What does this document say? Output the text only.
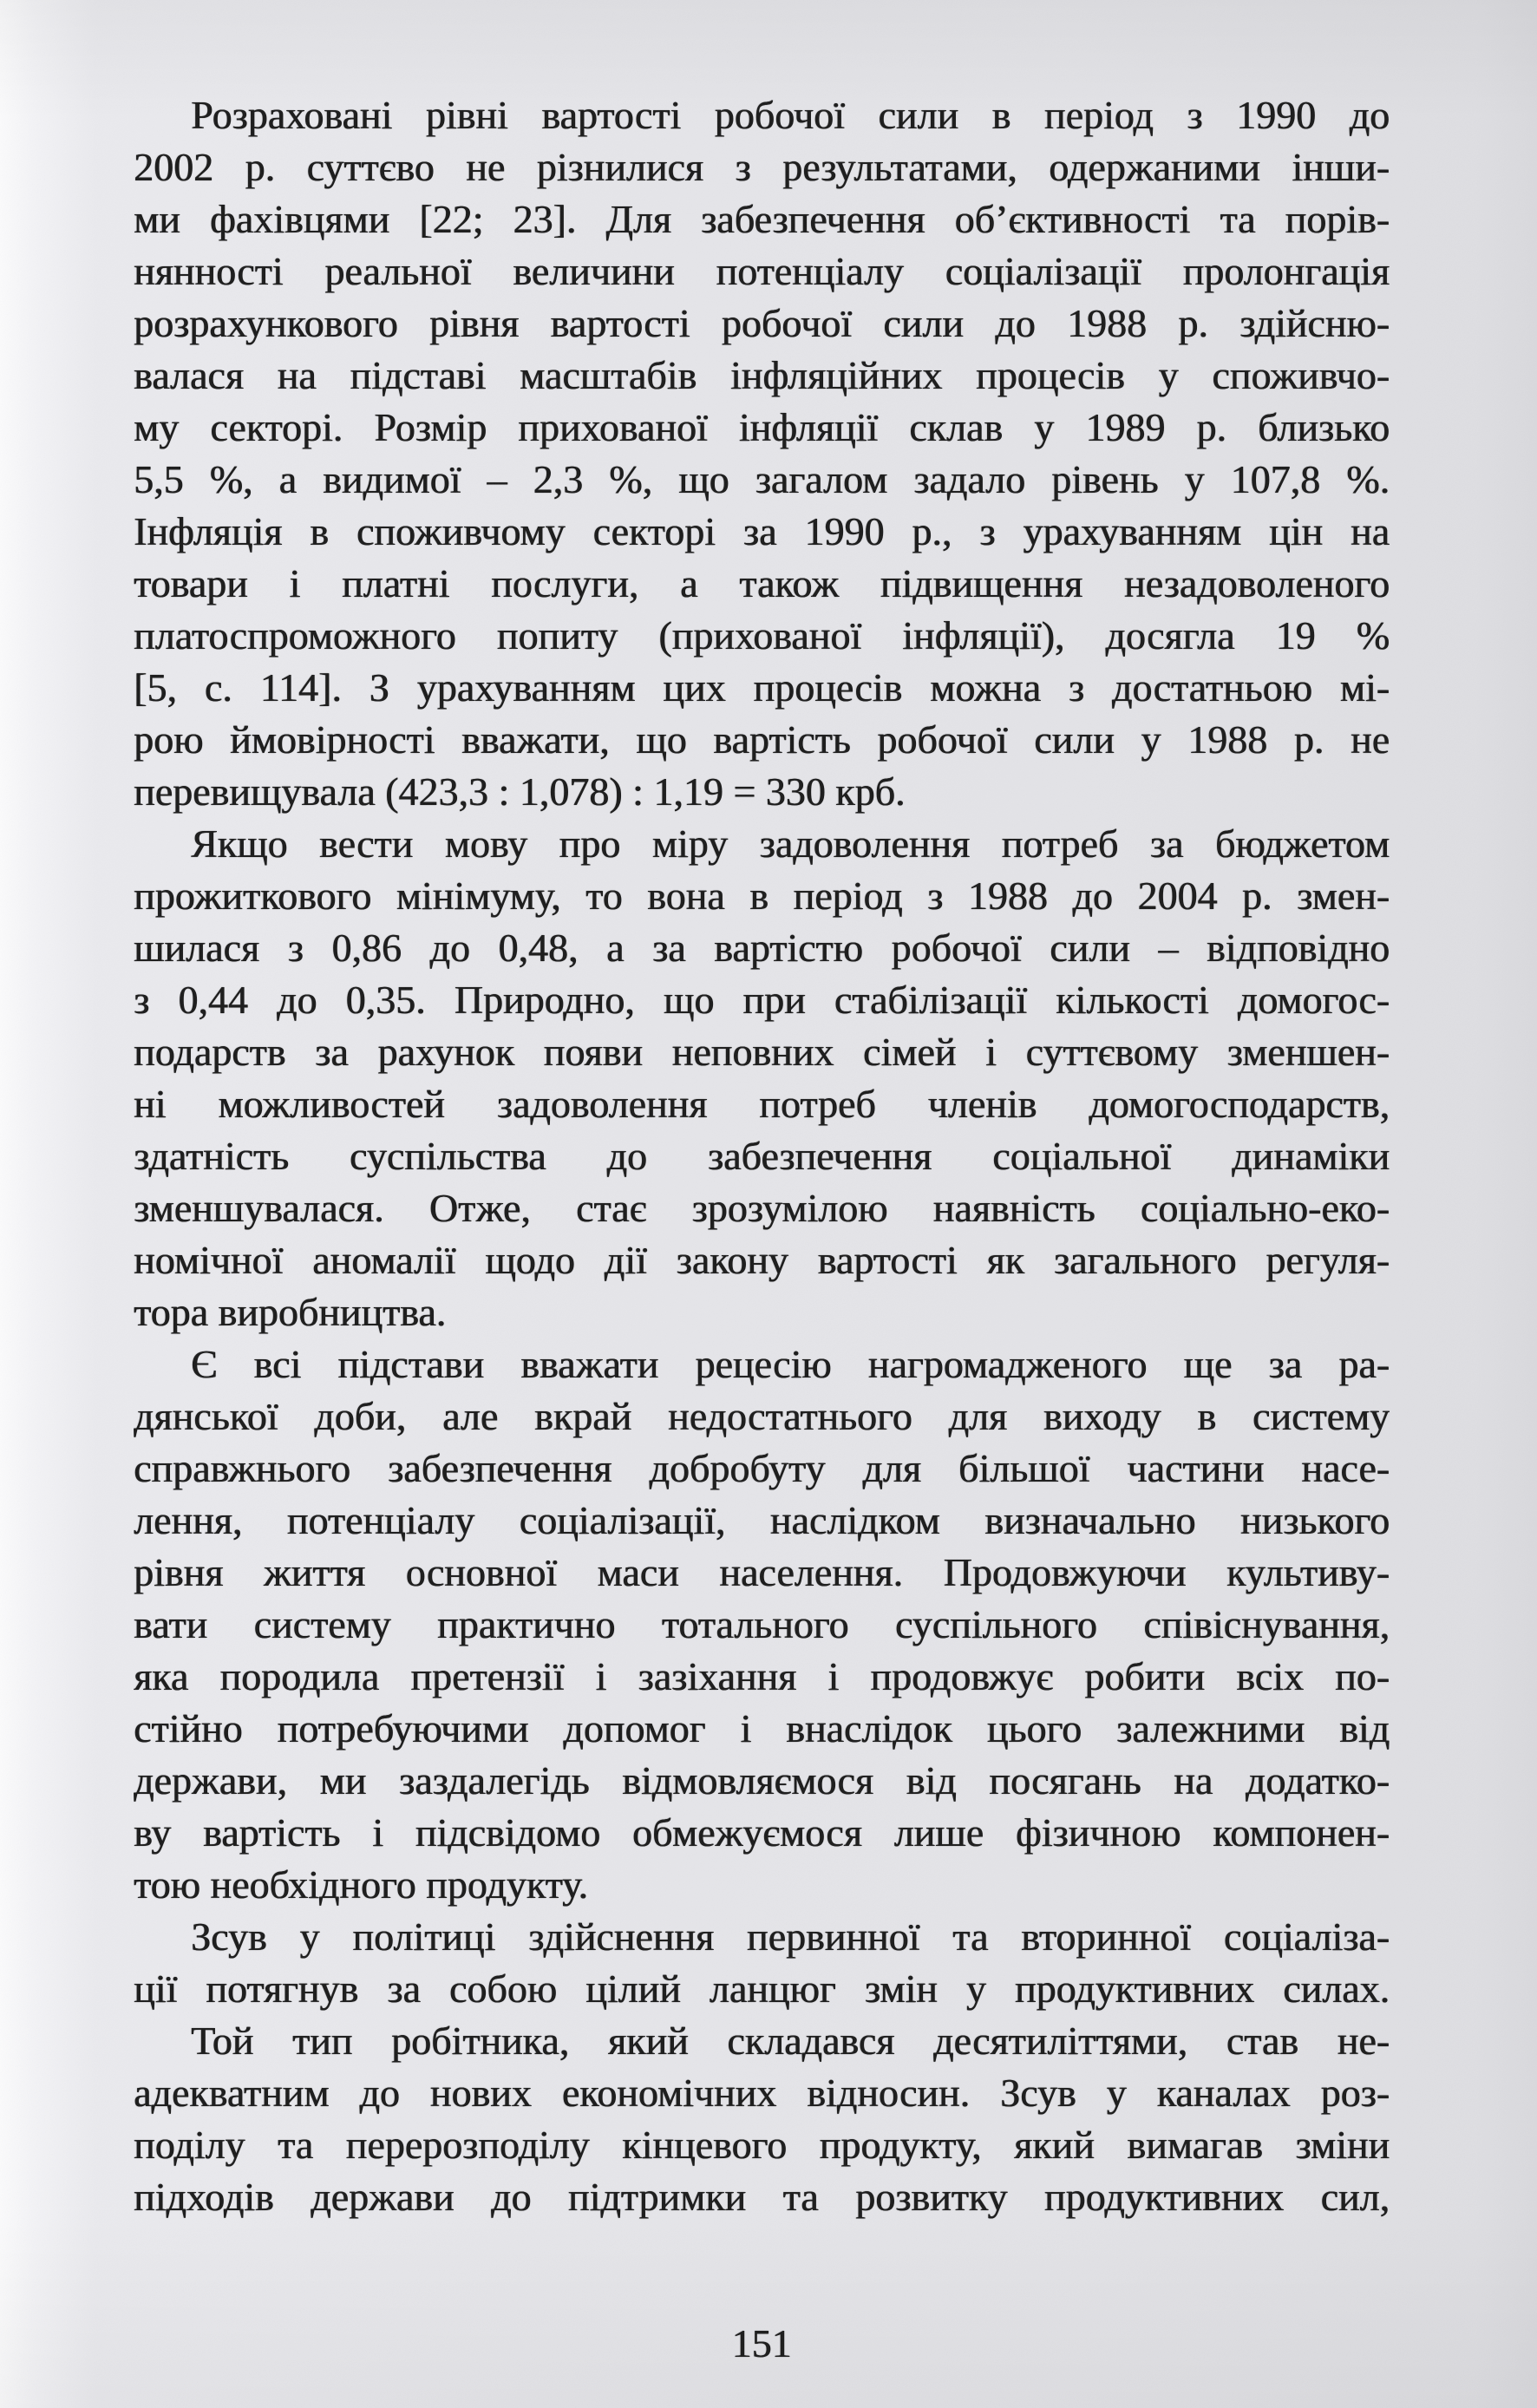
Розраховані рівні вартості робочої сили в період з 1990 до
2002 р. суттєво не різнилися з результатами, одержаними інши-
ми фахівцями [22; 23]. Для забезпечення об’єктивності та порів-
нянності реальної величини потенціалу соціалізації пролонгація
розрахункового рівня вартості робочої сили до 1988 р. здійсню-
валася на підставі масштабів інфляційних процесів у споживчо-
му секторі. Розмір прихованої інфляції склав у 1989 р. близько
5,5 %, а видимої – 2,3 %, що загалом задало рівень у 107,8 %.
Інфляція в споживчому секторі за 1990 р., з урахуванням цін на
товари і платні послуги, а також підвищення незадоволеного
платоспроможного попиту (прихованої інфляції), досягла 19 %
[5, с. 114]. З урахуванням цих процесів можна з достатньою мі-
рою ймовірності вважати, що вартість робочої сили у 1988 р. не
перевищувала (423,3 : 1,078) : 1,19 = 330 крб.
Якщо вести мову про міру задоволення потреб за бюджетом
прожиткового мінімуму, то вона в період з 1988 до 2004 р. змен-
шилася з 0,86 до 0,48, а за вартістю робочої сили – відповідно
з 0,44 до 0,35. Природно, що при стабілізації кількості домогос-
подарств за рахунок появи неповних сімей і суттєвому зменшен-
ні можливостей задоволення потреб членів домогосподарств,
здатність суспільства до забезпечення соціальної динаміки
зменшувалася. Отже, стає зрозумілою наявність соціально-еко-
номічної аномалії щодо дії закону вартості як загального регуля-
тора виробництва.
Є всі підстави вважати рецесію нагромадженого ще за ра-
дянської доби, але вкрай недостатнього для виходу в систему
справжнього забезпечення добробуту для більшої частини насе-
лення, потенціалу соціалізації, наслідком визначально низького
рівня життя основної маси населення. Продовжуючи культиву-
вати систему практично тотального суспільного співіснування,
яка породила претензії і зазіхання і продовжує робити всіх по-
стійно потребуючими допомог і внаслідок цього залежними від
держави, ми заздалегідь відмовляємося від посягань на додатко-
ву вартість і підсвідомо обмежуємося лише фізичною компонен-
тою необхідного продукту.
Зсув у політиці здійснення первинної та вторинної соціаліза-
ції потягнув за собою цілий ланцюг змін у продуктивних силах.
Той тип робітника, який складався десятиліттями, став не-
адекватним до нових економічних відносин. Зсув у каналах роз-
поділу та перерозподілу кінцевого продукту, який вимагав зміни
підходів держави до підтримки та розвитку продуктивних сил,
151
